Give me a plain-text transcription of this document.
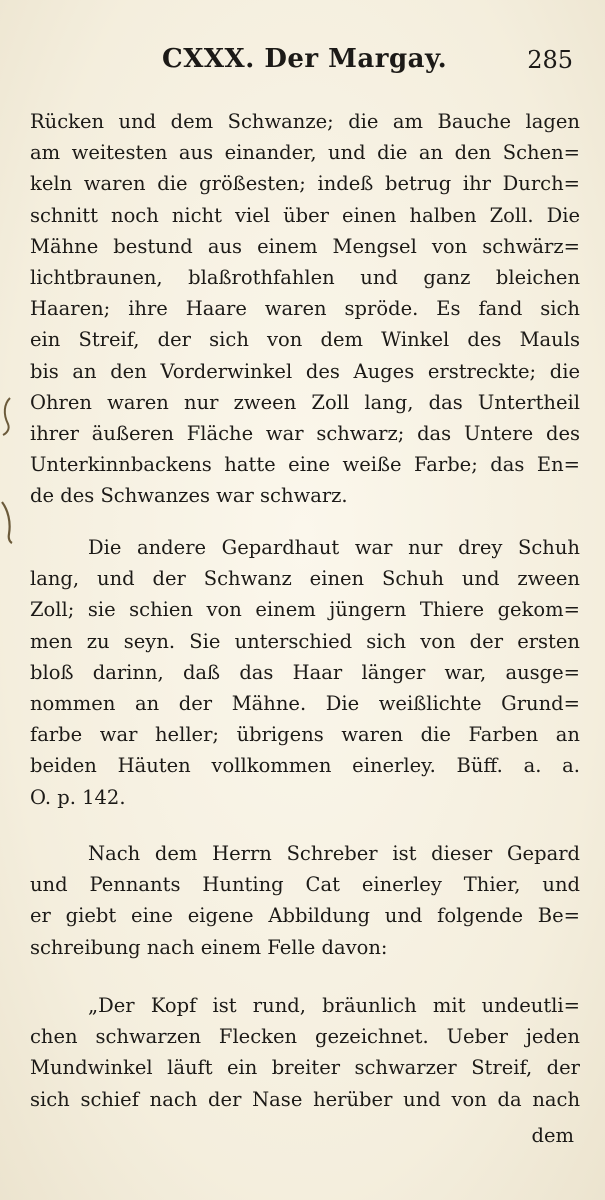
CXXX. Der Margay.	285
Rücken und dem Schwanze; die am Bauche lagen
am weitesten aus einander, und die an den Schen=
keln waren die größesten; indeß betrug ihr Durch=
schnitt noch nicht viel über einen halben Zoll. Die
Mähne bestund aus einem Mengsel von schwärz=
lichtbraunen, blaßrothfahlen und ganz bleichen
Haaren; ihre Haare waren spröde. Es fand sich
ein Streif, der sich von dem Winkel des Mauls
bis an den Vorderwinkel des Auges erstreckte; die
Ohren waren nur zween Zoll lang, das Untertheil
ihrer äußeren Fläche war schwarz; das Untere des
Unterkinnbackens hatte eine weiße Farbe; das En=
de des Schwanzes war schwarz.
Die andere Gepardhaut war nur drey Schuh
lang, und der Schwanz einen Schuh und zween
Zoll; sie schien von einem jüngern Thiere gekom=
men zu seyn. Sie unterschied sich von der ersten
bloß darinn, daß das Haar länger war, ausge=
nommen an der Mähne. Die weißlichte Grund=
farbe war heller; übrigens waren die Farben an
beiden Häuten vollkommen einerley. Büff. a. a.
O. p. 142.
Nach dem Herrn Schreber ist dieser Gepard
und Pennants Hunting Cat einerley Thier, und
er giebt eine eigene Abbildung und folgende Be=
schreibung nach einem Felle davon:
„Der Kopf ist rund, bräunlich mit undeutli=
chen schwarzen Flecken gezeichnet. Ueber jeden
Mundwinkel läuft ein breiter schwarzer Streif, der
sich schief nach der Nase herüber und von da nach
dem
